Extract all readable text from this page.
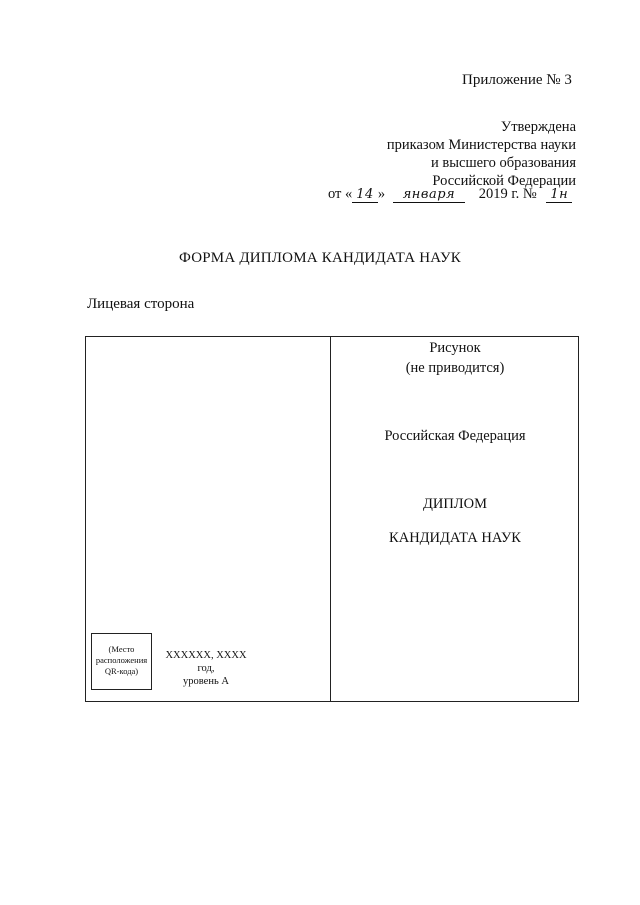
Приложение № 3
Утверждена
приказом Министерства науки
и высшего образования
Российской Федерации
от « 14 » января 2019 г. № 1н
ФОРМА ДИПЛОМА КАНДИДАТА НАУК
Лицевая сторона
Рисунок
(не приводится)
Российская Федерация
ДИПЛОМ
КАНДИДАТА НАУК
(Место
расположения
QR-кода)
ХХХХХХ, ХХХХ год,
уровень А
